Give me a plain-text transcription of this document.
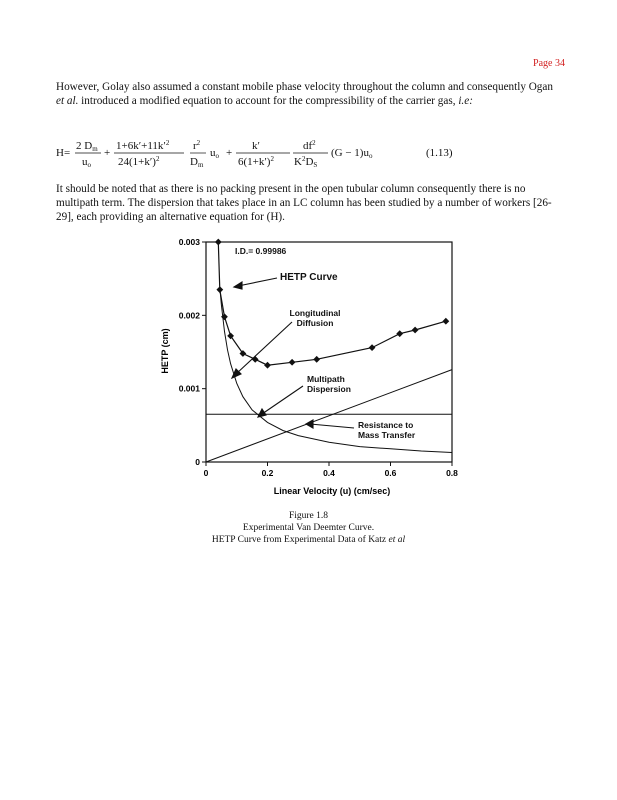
Page 34

However, Golay also assumed a constant mobile phase velocity throughout the column and consequently Ogan et al. introduced a modified equation to account for the compressibility of the carrier gas, i.e:

H =
2 Dm
uo
+
$1+6k'+11k'^2$
$24(1+k')^2$
$r^2$
Dm
uo +
k′
$6(1+k')^2$
$df^2$
$K^2DS$
(G − 1)uo	(1.13)

It should be noted that as there is no packing present in the open tubular column consequently there is no multipath term. The dispersion that takes place in an LC column has been studied by a number of workers [26-29], each providing an alternative equation for (H).

0	0.2	0.4	0.6	0.8
0
0.001
0.002
0.003
I.D.= 0.99986
HETP Curve
Longitudinal
Diffusion
Multipath
Dispersion
Resistance to
Mass Transfer
Linear Velocity (u) (cm/sec)
HETP (cm)
Figure 1.8
Experimental Van Deemter Curve.
HETP Curve from Experimental Data of Katz et al
